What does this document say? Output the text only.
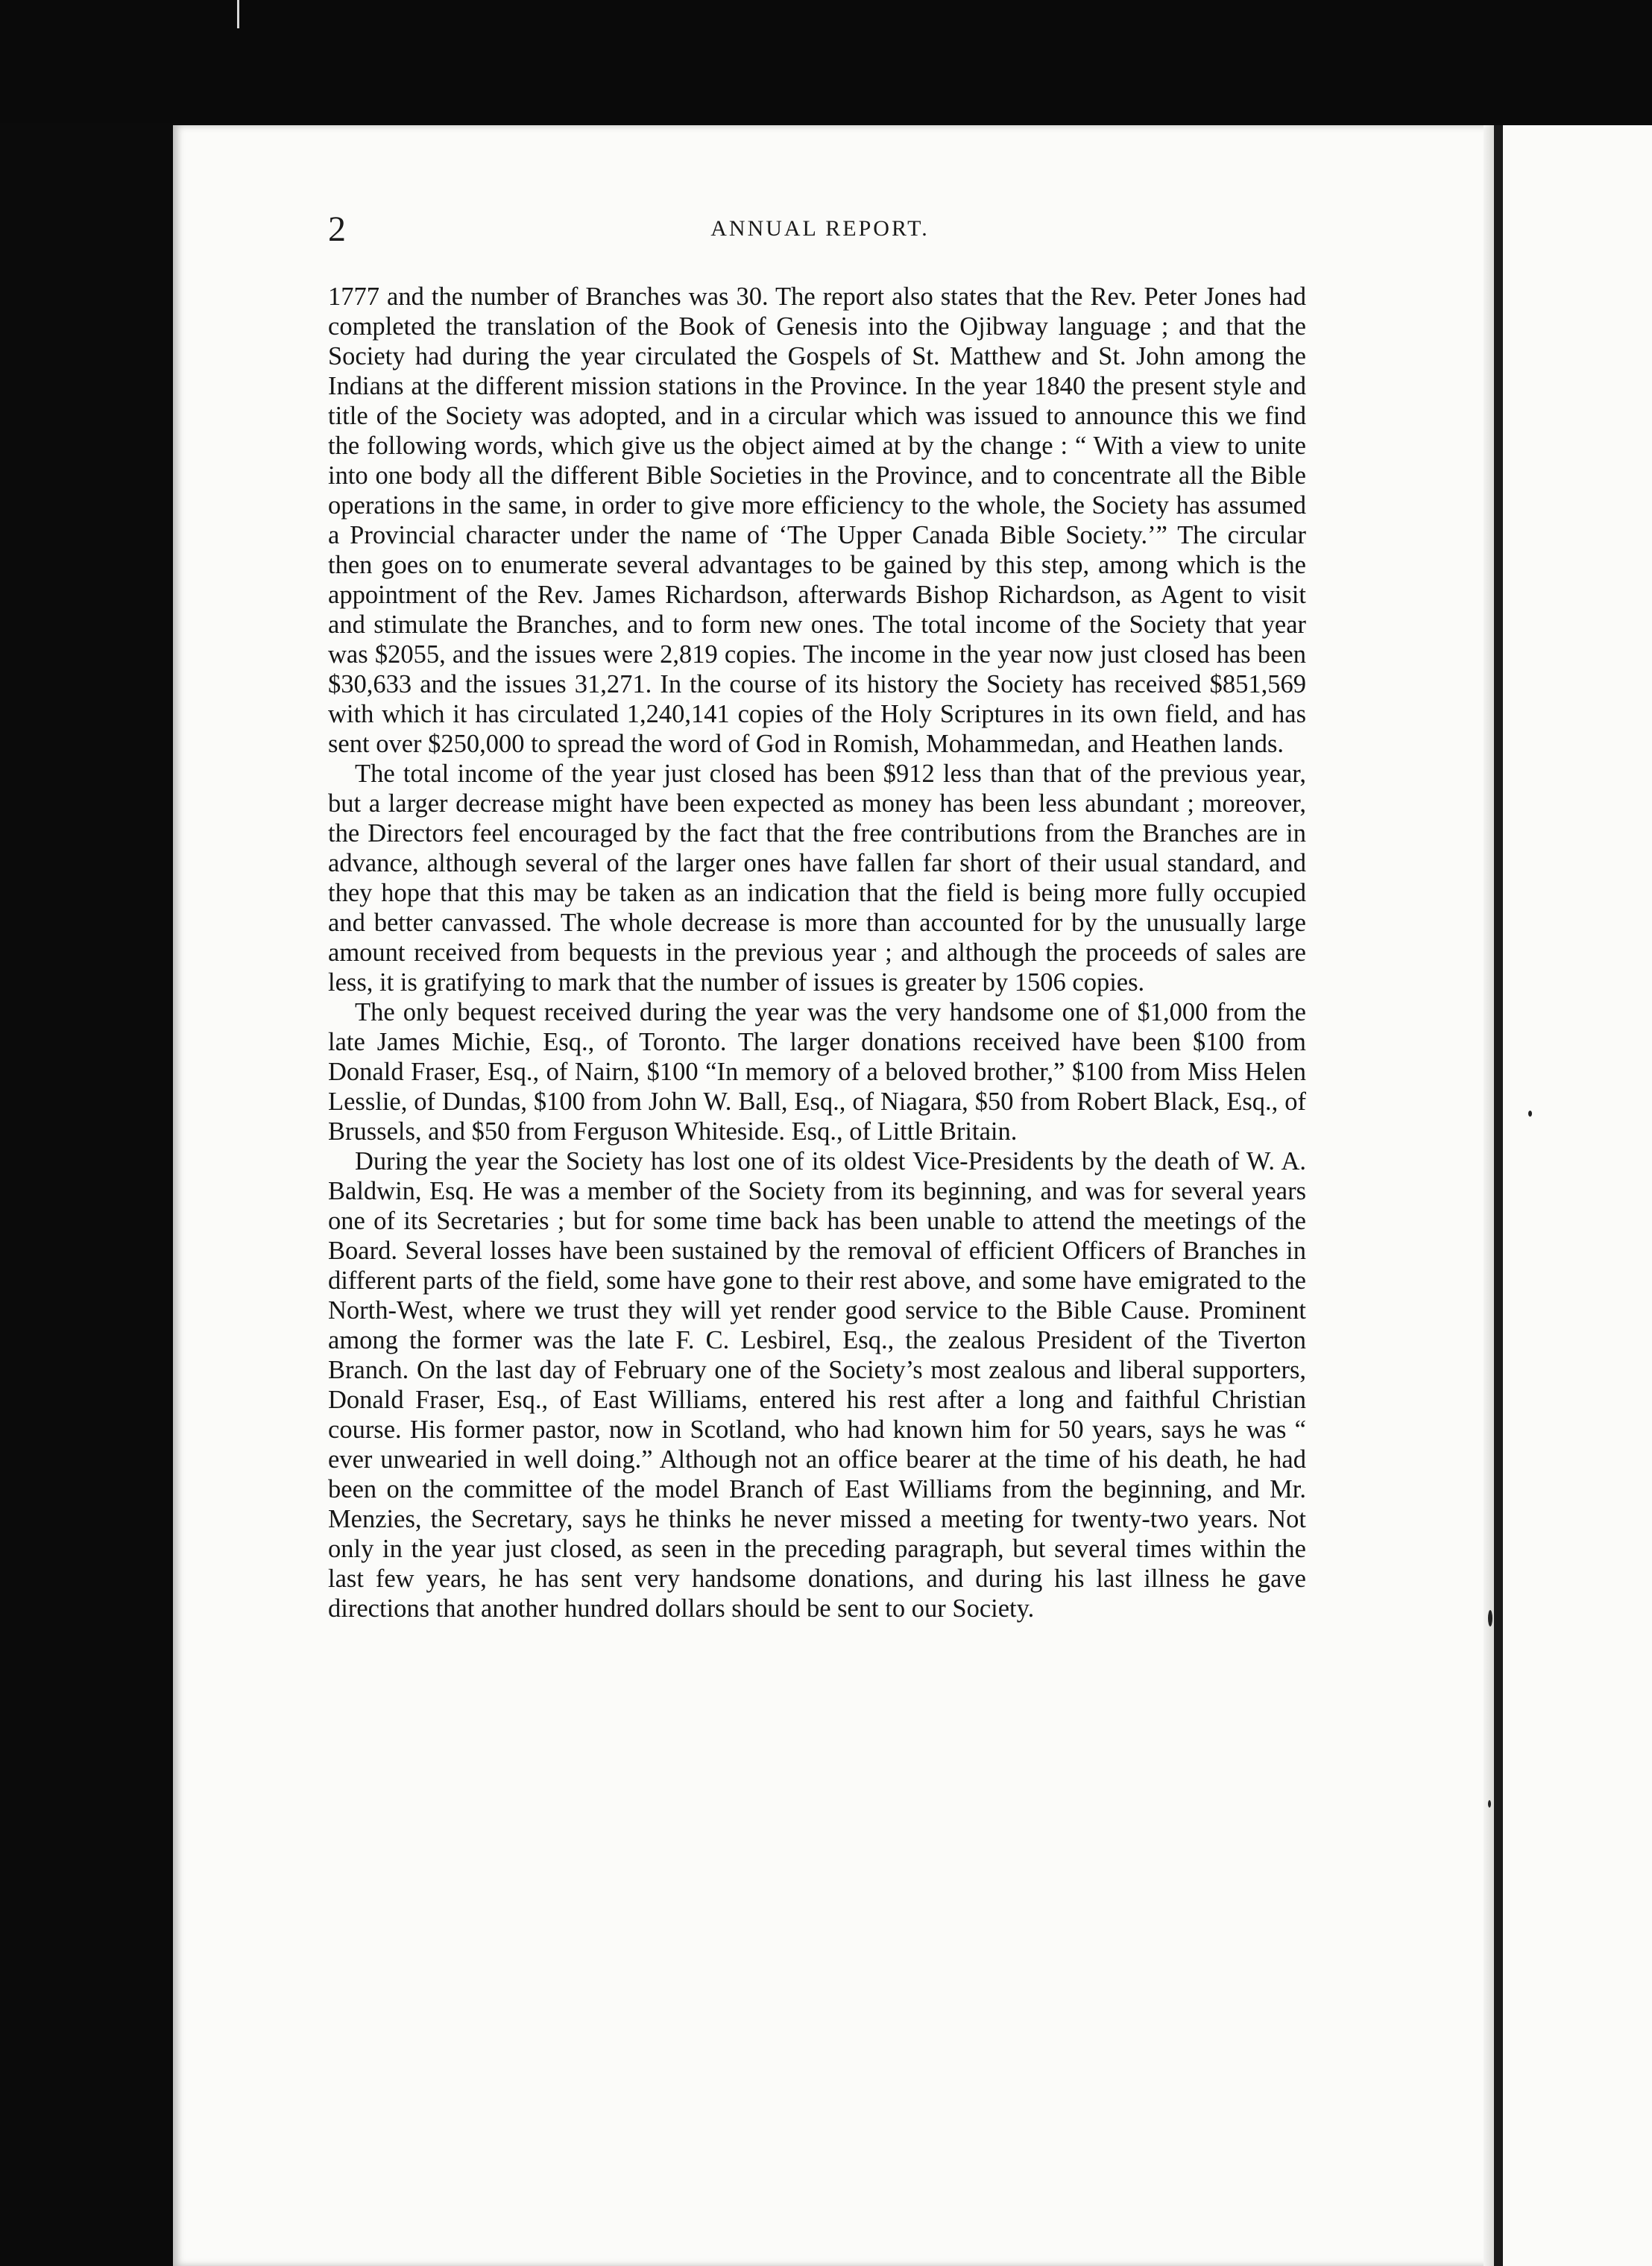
2	ANNUAL REPORT.

1777 and the number of Branches was 30. The report also states that the Rev. Peter Jones had completed the translation of the Book of Genesis into the Ojibway language ; and that the Society had during the year circulated the Gospels of St. Matthew and St. John among the Indians at the different mission stations in the Province. In the year 1840 the present style and title of the Society was adopted, and in a circular which was issued to announce this we find the following words, which give us the object aimed at by the change : “ With a view to unite into one body all the different Bible Societies in the Province, and to concentrate all the Bible operations in the same, in order to give more efficiency to the whole, the Society has assumed a Provincial character under the name of ‘The Upper Canada Bible Society.’” The circular then goes on to enumerate several advantages to be gained by this step, among which is the appointment of the Rev. James Richardson, afterwards Bishop Richardson, as Agent to visit and stimulate the Branches, and to form new ones. The total income of the Society that year was $2055, and the issues were 2,819 copies. The income in the year now just closed has been $30,633 and the issues 31,271. In the course of its history the Society has received $851,569 with which it has circulated 1,240,141 copies of the Holy Scriptures in its own field, and has sent over $250,000 to spread the word of God in Romish, Mohammedan, and Heathen lands.

The total income of the year just closed has been $912 less than that of the previous year, but a larger decrease might have been expected as money has been less abundant ; moreover, the Directors feel encouraged by the fact that the free contributions from the Branches are in advance, although several of the larger ones have fallen far short of their usual standard, and they hope that this may be taken as an indication that the field is being more fully occupied and better canvassed. The whole decrease is more than accounted for by the unusually large amount received from bequests in the previous year ; and although the proceeds of sales are less, it is gratifying to mark that the number of issues is greater by 1506 copies.

The only bequest received during the year was the very handsome one of $1,000 from the late James Michie, Esq., of Toronto. The larger donations received have been $100 from Donald Fraser, Esq., of Nairn, $100 “In memory of a beloved brother,” $100 from Miss Helen Lesslie, of Dundas, $100 from John W. Ball, Esq., of Niagara, $50 from Robert Black, Esq., of Brussels, and $50 from Ferguson Whiteside. Esq., of Little Britain.

During the year the Society has lost one of its oldest Vice-Presidents by the death of W. A. Baldwin, Esq. He was a member of the Society from its beginning, and was for several years one of its Secretaries ; but for some time back has been unable to attend the meetings of the Board. Several losses have been sustained by the removal of efficient Officers of Branches in different parts of the field, some have gone to their rest above, and some have emigrated to the North-West, where we trust they will yet render good service to the Bible Cause. Prominent among the former was the late F. C. Lesbirel, Esq., the zealous President of the Tiverton Branch. On the last day of February one of the Society’s most zealous and liberal supporters, Donald Fraser, Esq., of East Williams, entered his rest after a long and faithful Christian course. His former pastor, now in Scotland, who had known him for 50 years, says he was “ ever unwearied in well doing.” Although not an office bearer at the time of his death, he had been on the committee of the model Branch of East Williams from the beginning, and Mr. Menzies, the Secretary, says he thinks he never missed a meeting for twenty-two years. Not only in the year just closed, as seen in the preceding paragraph, but several times within the last few years, he has sent very handsome donations, and during his last illness he gave directions that another hundred dollars should be sent to our Society.
